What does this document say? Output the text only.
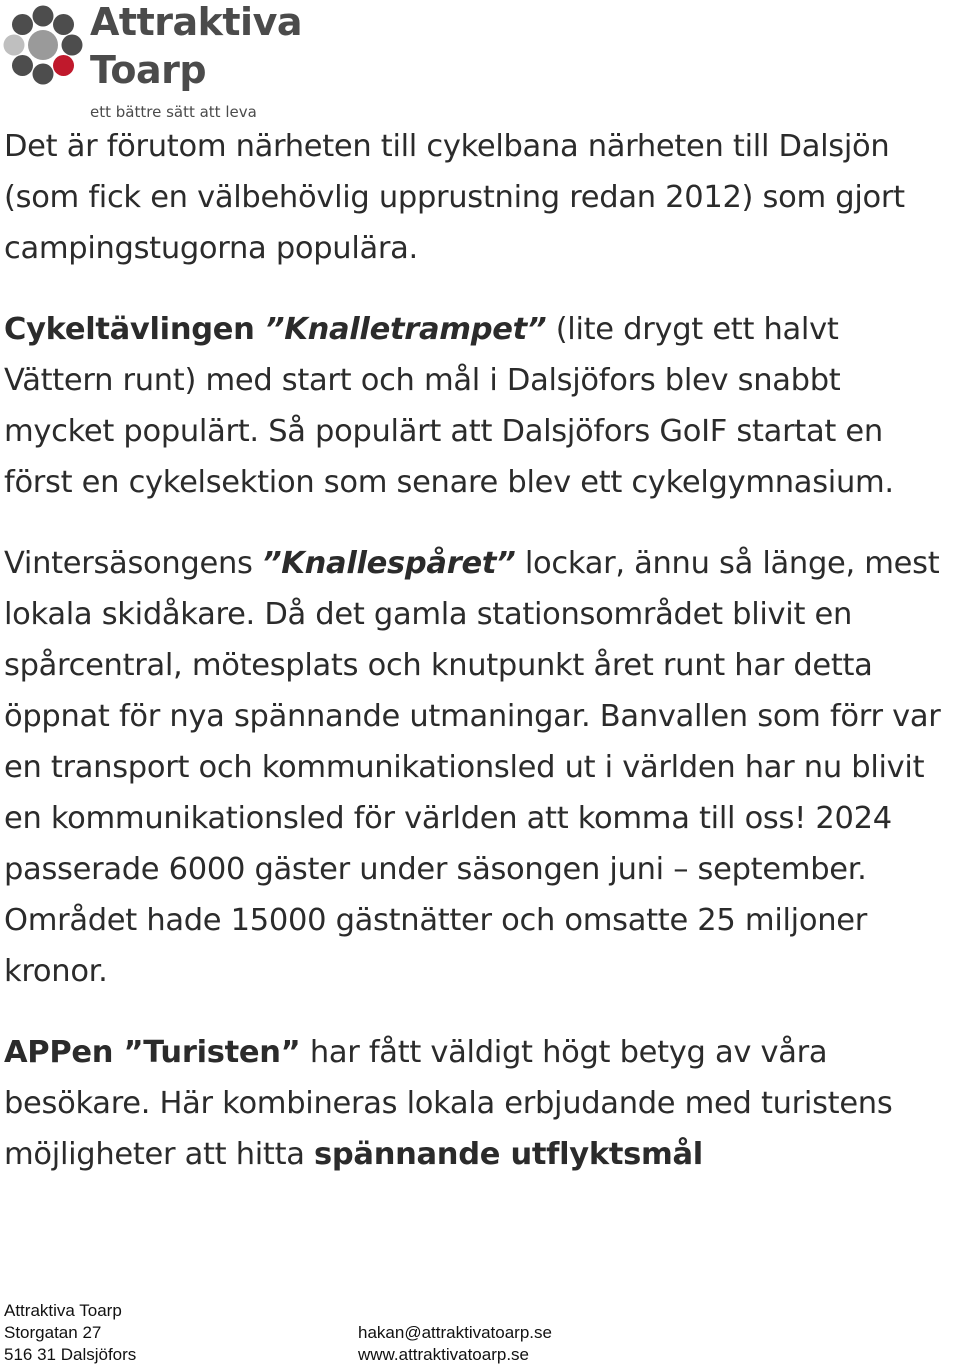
Attraktiva
Toarp
ett bättre sätt att leva

Det är förutom närheten till cykelbana närheten till Dalsjön (som fick en välbehövlig upprustning redan 2012) som gjort campingstugorna populära.

Cykeltävlingen ”Knalletrampet” (lite drygt ett halvt Vättern runt) med start och mål i Dalsjöfors blev snabbt mycket populärt. Så populärt att Dalsjöfors GoIF startat en först en cykelsektion som senare blev ett cykelgymnasium.

Vintersäsongens ”Knallespåret” lockar, ännu så länge, mest lokala skidåkare. Då det gamla stationsområdet blivit en spårcentral, mötesplats och knutpunkt året runt har detta öppnat för nya spännande utmaningar. Banvallen som förr var en transport och kommunikationsled ut i världen har nu blivit en kommunikationsled för världen att komma till oss! 2024 passerade 6000 gäster under säsongen juni – september. Området hade 15000 gästnätter och omsatte 25 miljoner kronor.

APPen ”Turisten” har fått väldigt högt betyg av våra besökare. Här kombineras lokala erbjudande med turistens möjligheter att hitta spännande utflyktsmål

Attraktiva Toarp
Storgatan 27
516 31 Dalsjöfors
hakan@attraktivatoarp.se
www.attraktivatoarp.se
